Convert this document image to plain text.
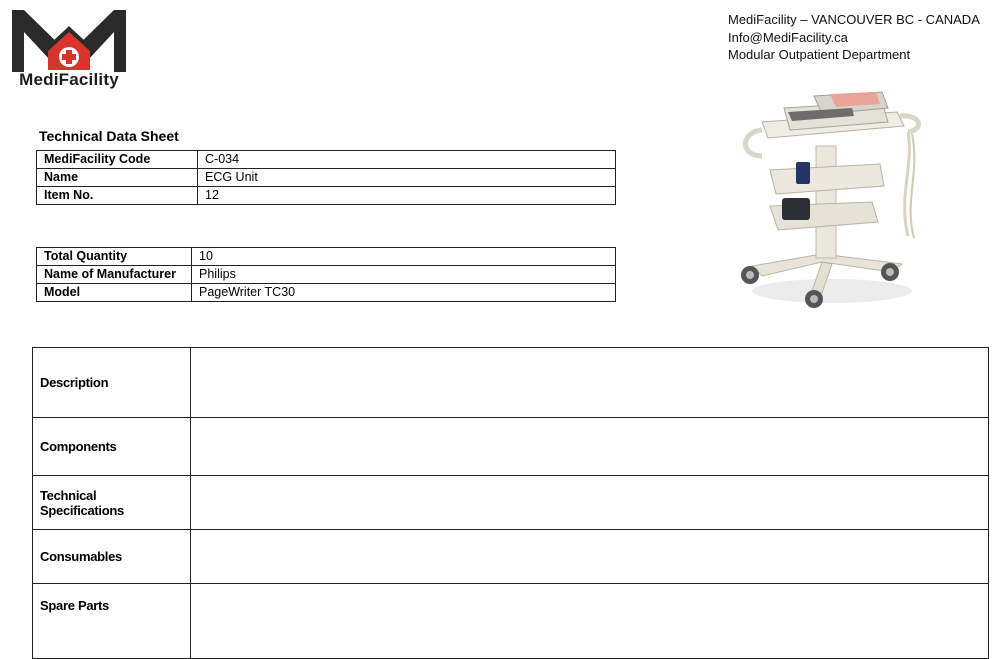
MediFacility
MediFacility – VANCOUVER BC - CANADA
Info@MediFacility.ca
Modular Outpatient Department
Technical Data Sheet
MediFacility Code	C-034
Name	ECG Unit
Item No.	12
Total Quantity	10
Name of Manufacturer	Philips
Model	PageWriter TC30
Description	
Components	
Technical Specifications	
Consumables	
Spare Parts	
